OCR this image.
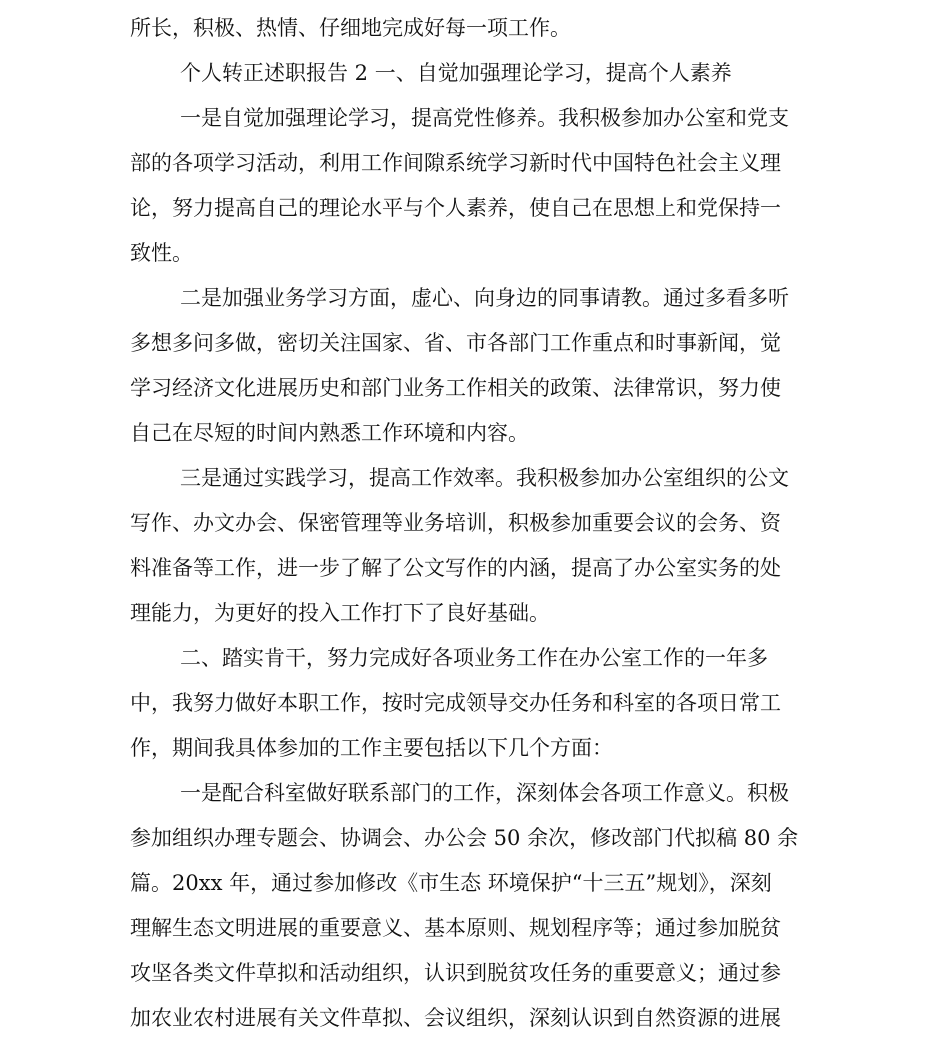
所长，积极、热情、仔细地完成好每一项工作。
个人转正述职报告 2 一、自觉加强理论学习，提高个人素养
一是自觉加强理论学习，提高党性修养。我积极参加办公室和党支
部的各项学习活动，利用工作间隙系统学习新时代中国特色社会主义理
论，努力提高自己的理论水平与个人素养，使自己在思想上和党保持一
致性。
二是加强业务学习方面，虚心、向身边的同事请教。通过多看多听
多想多问多做，密切关注国家、省、市各部门工作重点和时事新闻，觉
学习经济文化进展历史和部门业务工作相关的政策、法律常识，努力使
自己在尽短的时间内熟悉工作环境和内容。
三是通过实践学习，提高工作效率。我积极参加办公室组织的公文
写作、办文办会、保密管理等业务培训，积极参加重要会议的会务、资
料准备等工作，进一步了解了公文写作的内涵，提高了办公室实务的处
理能力，为更好的投入工作打下了良好基础。
二、踏实肯干，努力完成好各项业务工作在办公室工作的一年多
中，我努力做好本职工作，按时完成领导交办任务和科室的各项日常工
作，期间我具体参加的工作主要包括以下几个方面：
一是配合科室做好联系部门的工作，深刻体会各项工作意义。积极
参加组织办理专题会、协调会、办公会 50 余次，修改部门代拟稿 80 余
篇。20xx 年，通过参加修改《市生态 环境保护“十三五”规划》，深刻
理解生态文明进展的重要意义、基本原则、规划程序等；通过参加脱贫
攻坚各类文件草拟和活动组织，认识到脱贫攻任务的重要意义；通过参
加农业农村进展有关文件草拟、会议组织，深刻认识到自然资源的进展
